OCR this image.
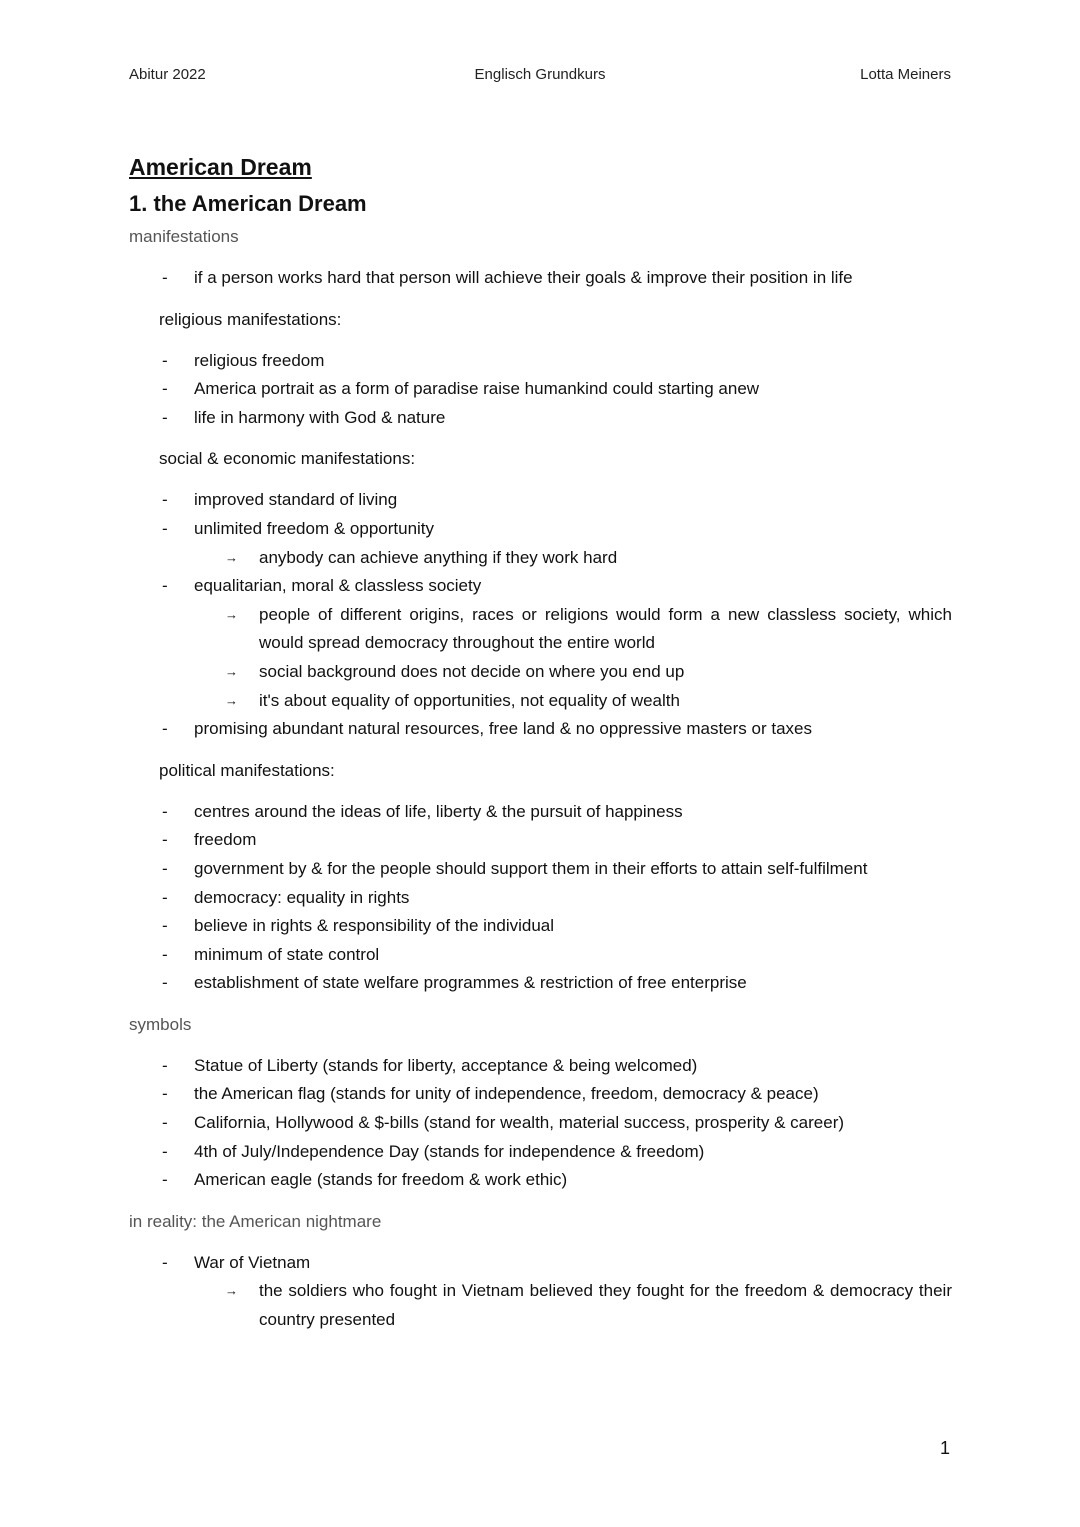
Abitur 2022	Englisch Grundkurs	Lotta Meiners
American Dream
1. the American Dream

manifestations

- if a person works hard that person will achieve their goals & improve their position in life

religious manifestations:

- religious freedom
- America portrait as a form of paradise raise humankind could starting anew
- life in harmony with God & nature

social & economic manifestations:

- improved standard of living
- unlimited freedom & opportunity
→ anybody can achieve anything if they work hard
- equalitarian, moral & classless society
→ people of different origins, races or religions would form a new classless society, which would spread democracy throughout the entire world
→ social background does not decide on where you end up
→ it's about equality of opportunities, not equality of wealth
- promising abundant natural resources, free land & no oppressive masters or taxes

political manifestations:

- centres around the ideas of life, liberty & the pursuit of happiness
- freedom
- government by & for the people should support them in their efforts to attain self-fulfilment
- democracy: equality in rights
- believe in rights & responsibility of the individual
- minimum of state control
- establishment of state welfare programmes & restriction of free enterprise

symbols

- Statue of Liberty (stands for liberty, acceptance & being welcomed)
- the American flag (stands for unity of independence, freedom, democracy & peace)
- California, Hollywood & $-bills (stand for wealth, material success, prosperity & career)
- 4th of July/Independence Day (stands for independence & freedom)
- American eagle (stands for freedom & work ethic)

in reality: the American nightmare

- War of Vietnam
→ the soldiers who fought in Vietnam believed they fought for the freedom & democracy their country presented
1
